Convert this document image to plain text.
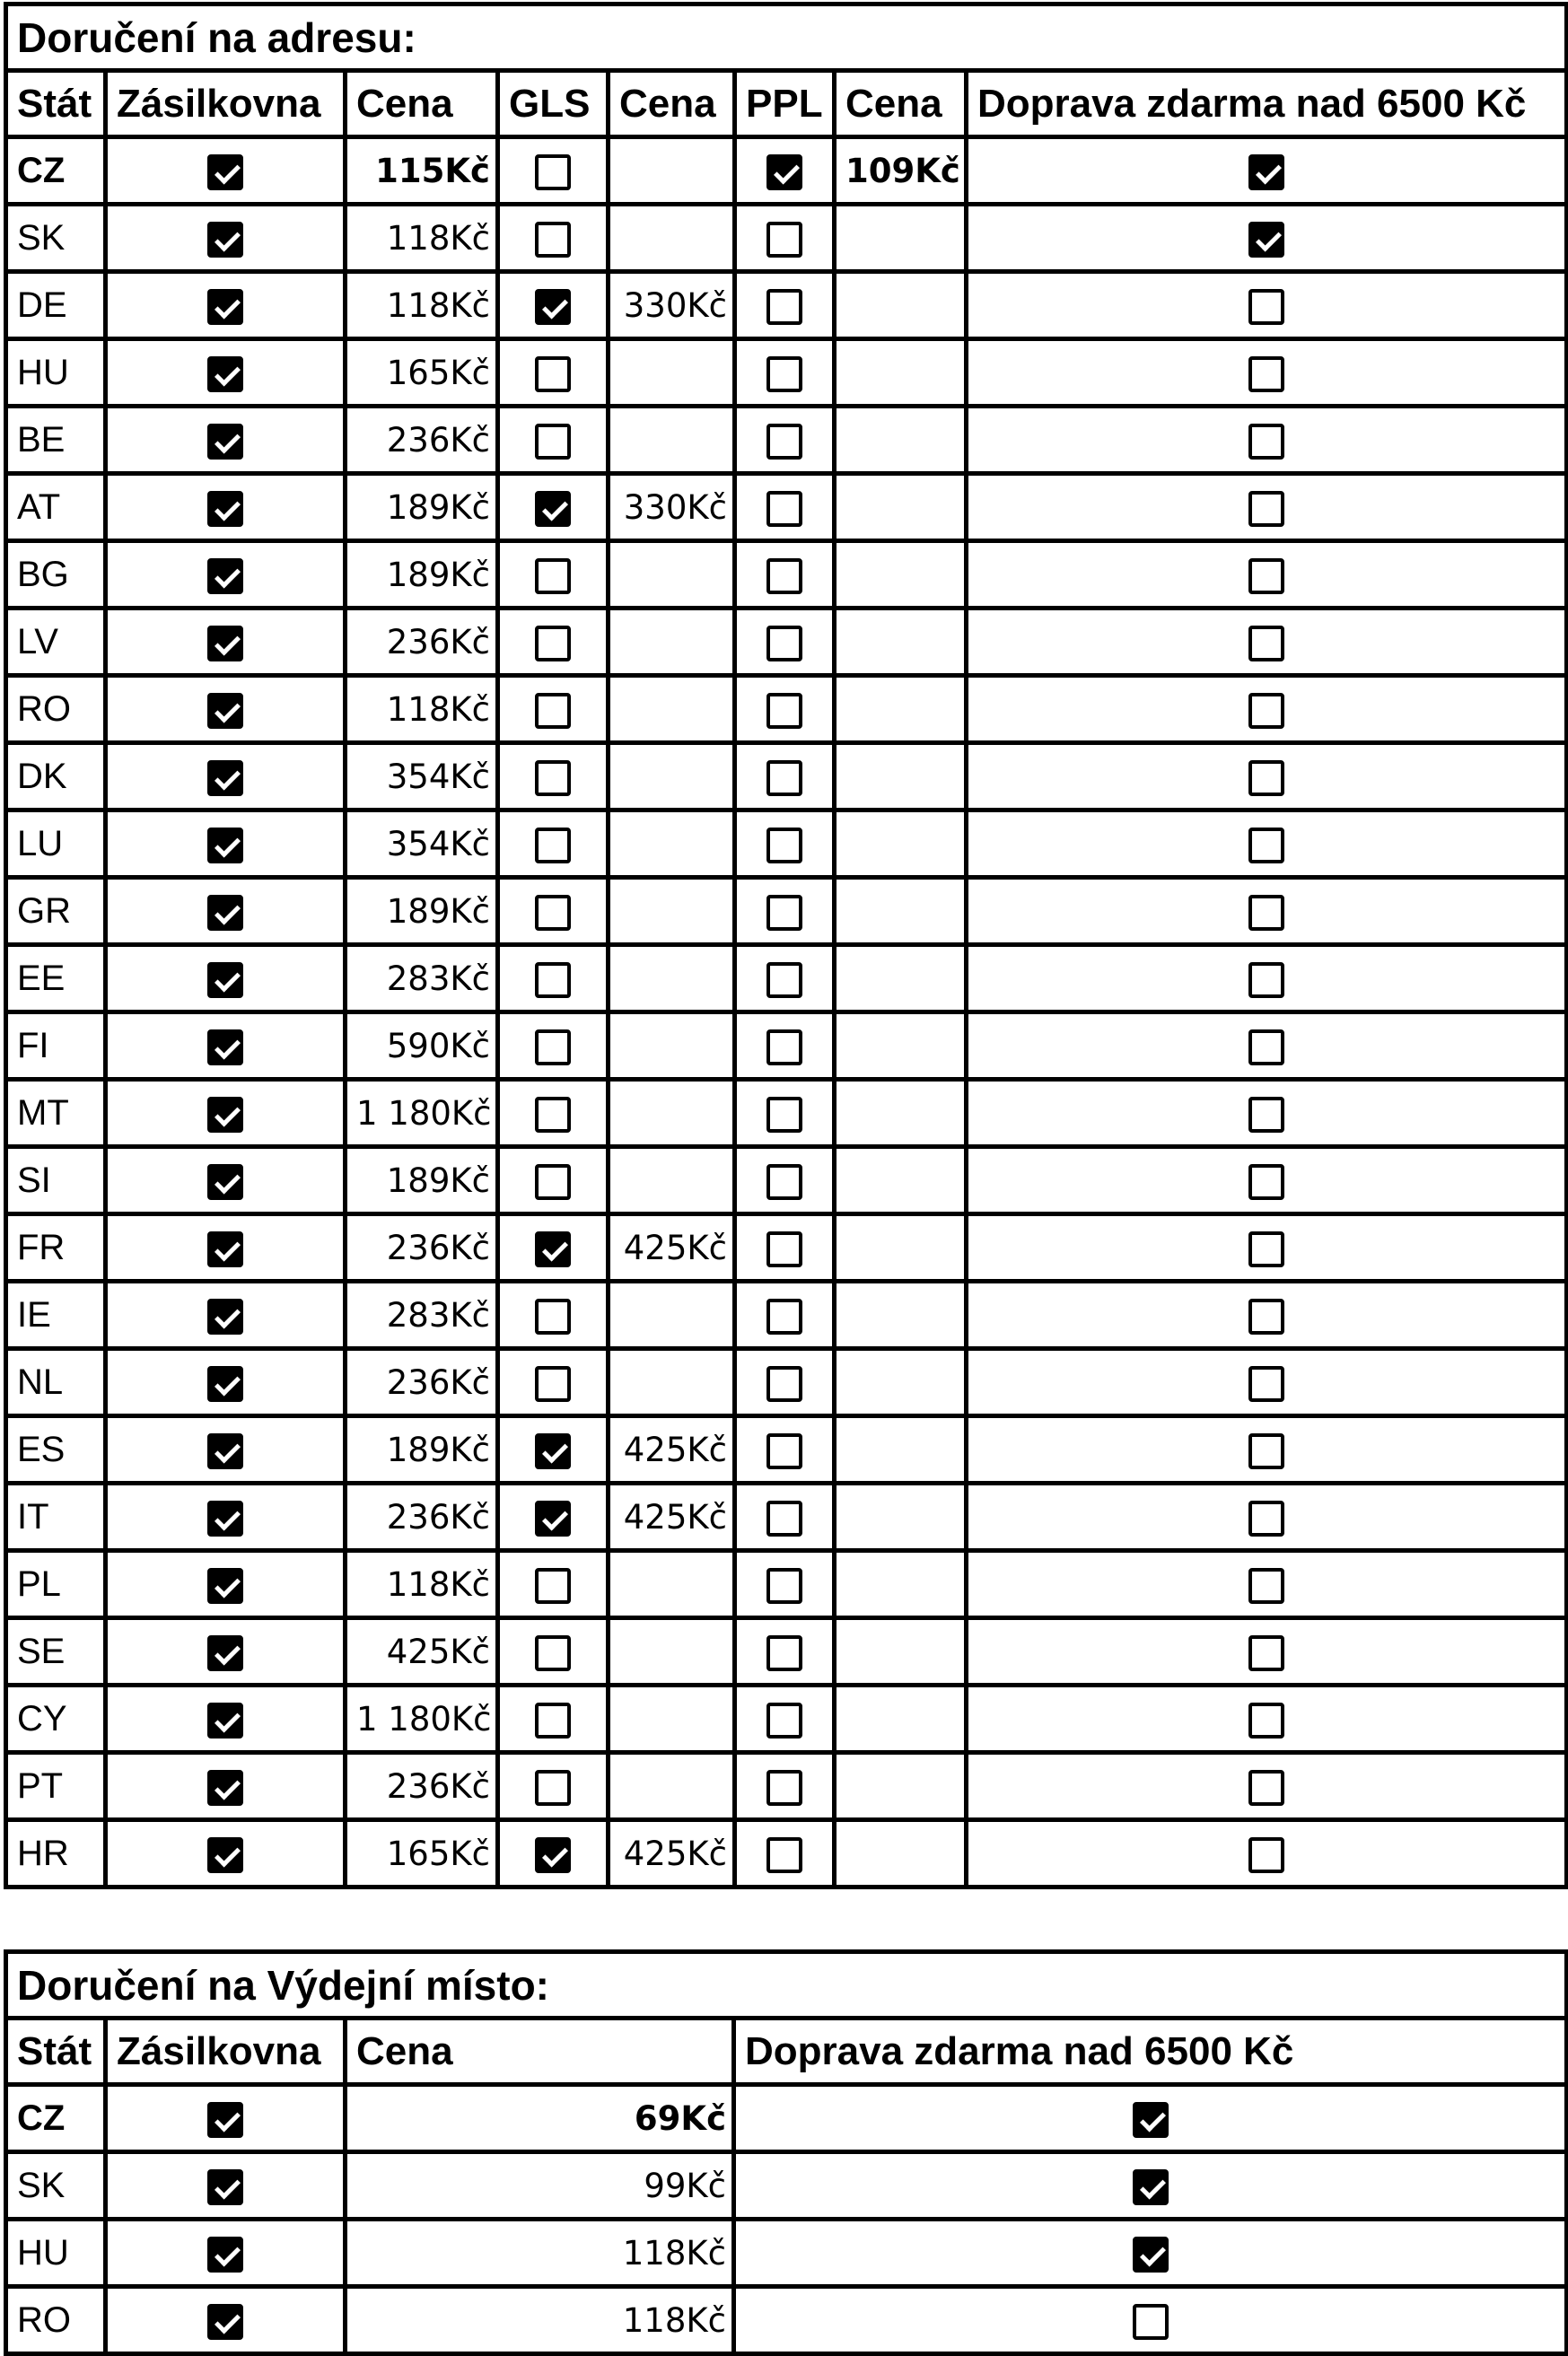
Doručení na adresu:							
Stát	Zásilkovna	Cena	GLS	Cena	PPL	Cena	Doprava zdarma nad 6500 Kč
CZ		115Kč				109Kč	
SK		118Kč					
DE		118Kč		330Kč			
HU		165Kč					
BE		236Kč					
AT		189Kč		330Kč			
BG		189Kč					
LV		236Kč					
RO		118Kč					
DK		354Kč					
LU		354Kč					
GR		189Kč					
EE		283Kč					
FI		590Kč					
MT		1 180Kč					
SI		189Kč					
FR		236Kč		425Kč			
IE		283Kč					
NL		236Kč					
ES		189Kč		425Kč			
IT		236Kč		425Kč			
PL		118Kč					
SE		425Kč					
CY		1 180Kč					
PT		236Kč					
HR		165Kč		425Kč			
Doručení na Výdejní místo:			
Stát	Zásilkovna	Cena	Doprava zdarma nad 6500 Kč
CZ		69Kč	
SK		99Kč	
HU		118Kč	
RO		118Kč	
